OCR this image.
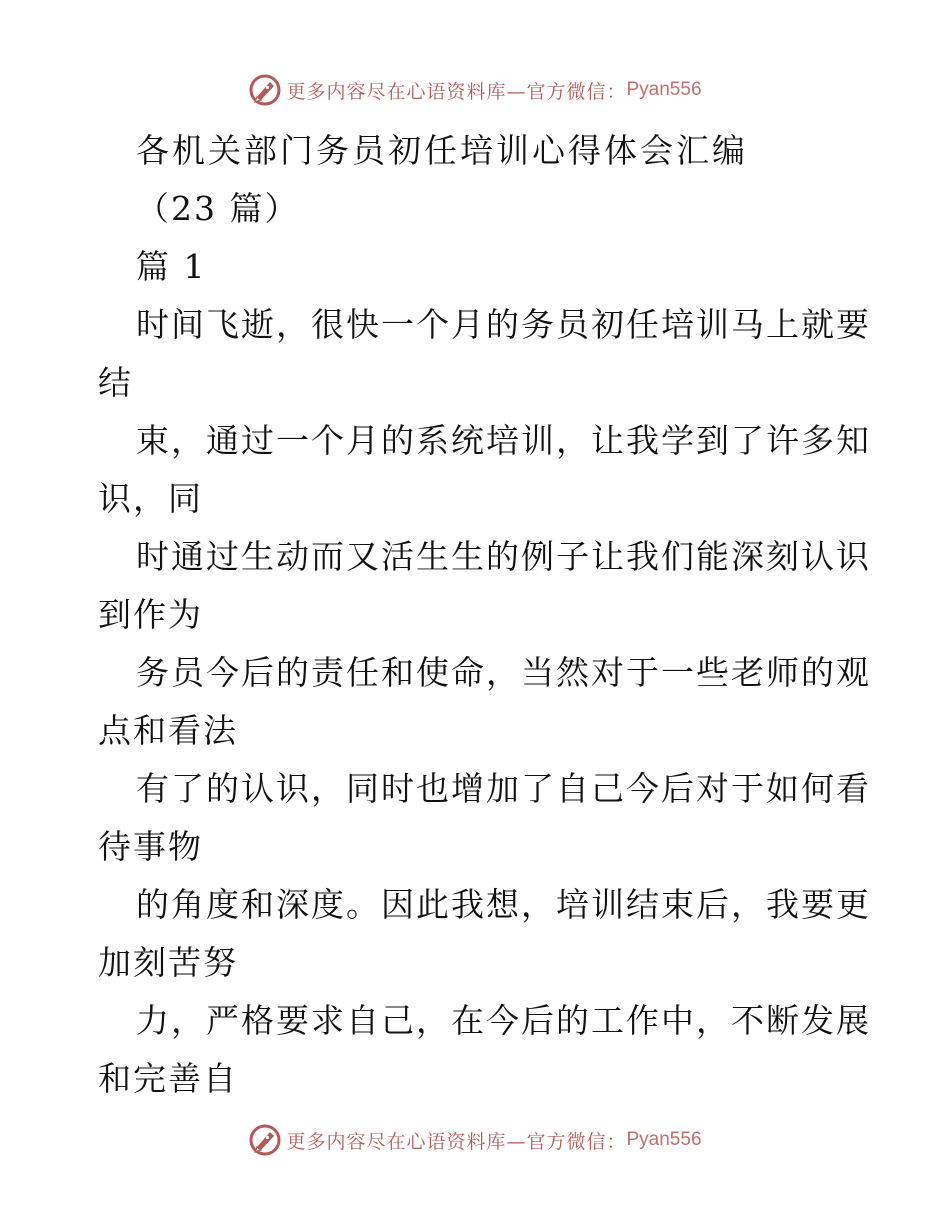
更多内容尽在心语资料库—官方微信： Pyan556
各机关部门务员初任培训心得体会汇编
（23 篇）
篇 1
时间飞逝，很快一个月的务员初任培训马上就要
结
束，通过一个月的系统培训，让我学到了许多知
识，同
时通过生动而又活生生的例子让我们能深刻认识
到作为
务员今后的责任和使命，当然对于一些老师的观
点和看法
有了的认识，同时也增加了自己今后对于如何看
待事物
的角度和深度。因此我想，培训结束后，我要更
加刻苦努
力，严格要求自己，在今后的工作中，不断发展
和完善自
更多内容尽在心语资料库—官方微信： Pyan556
